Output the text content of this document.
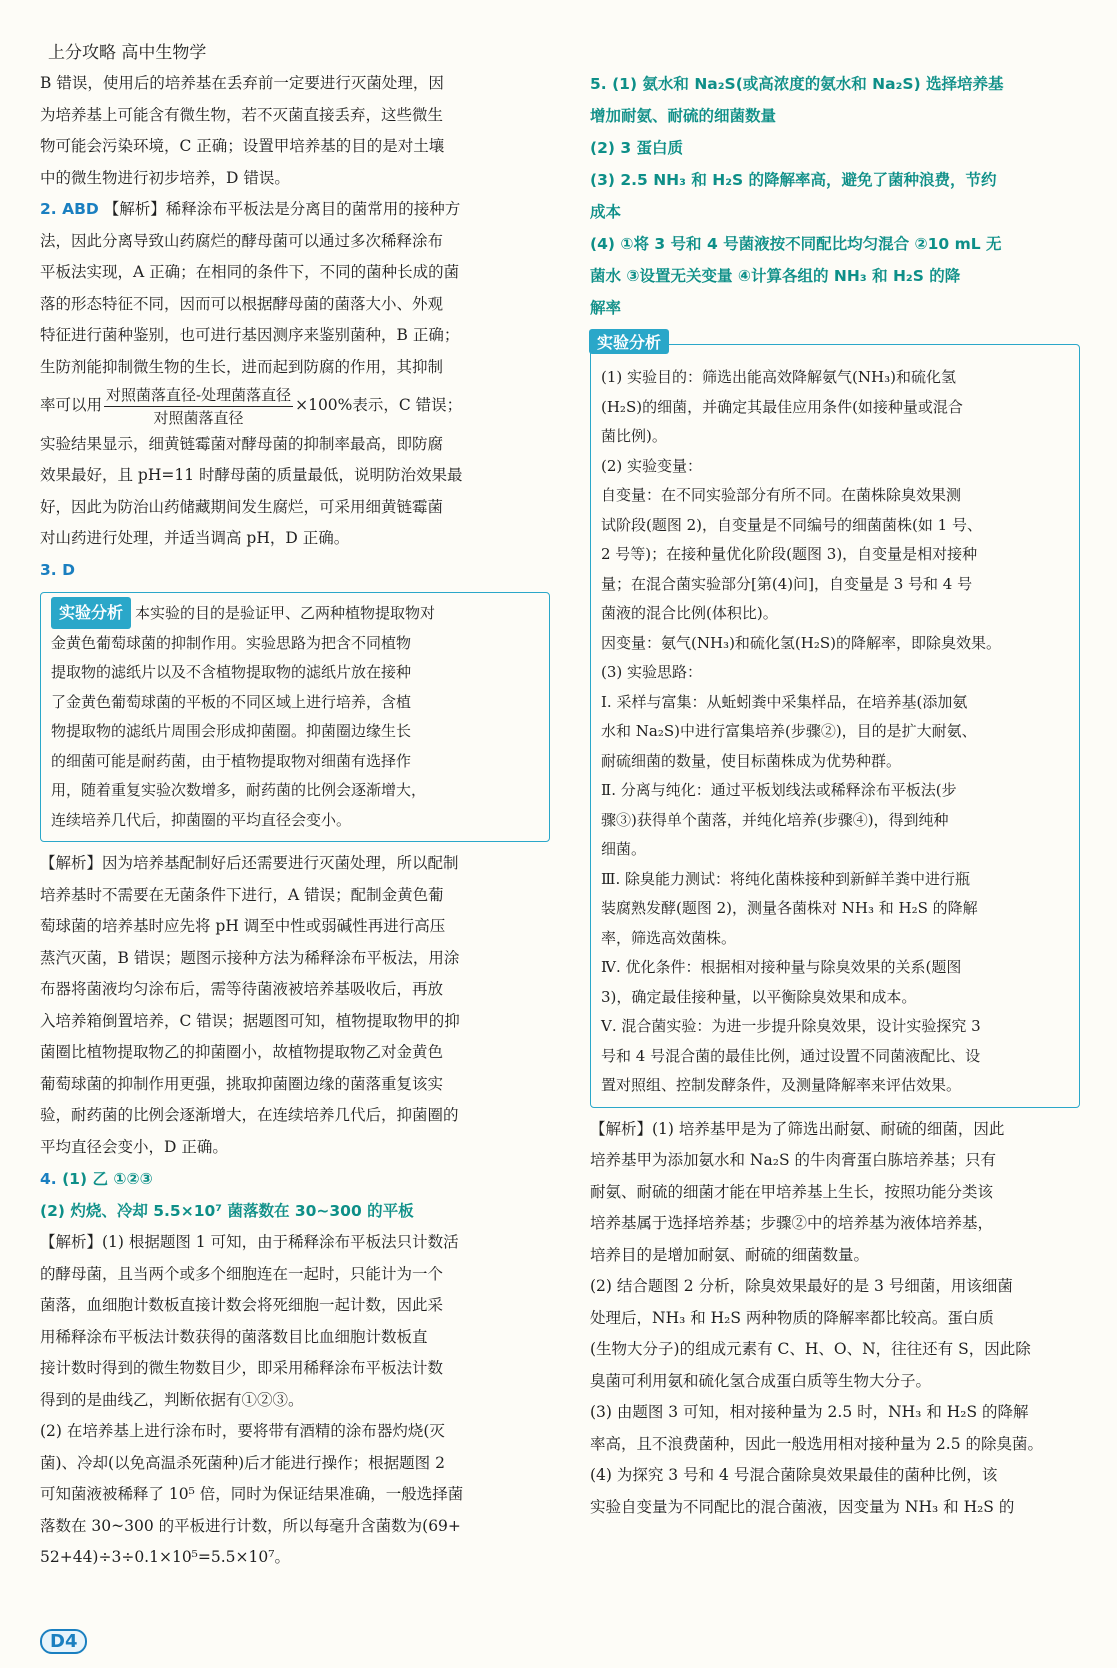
上分攻略 高中生物学

B 错误，使用后的培养基在丢弃前一定要进行灭菌处理，因

为培养基上可能含有微生物，若不灭菌直接丢弃，这些微生

物可能会污染环境，C 正确；设置甲培养基的目的是对土壤

中的微生物进行初步培养，D 错误。

2. ABD 【解析】稀释涂布平板法是分离目的菌常用的接种方

法，因此分离导致山药腐烂的酵母菌可以通过多次稀释涂布

平板法实现，A 正确；在相同的条件下，不同的菌种长成的菌

落的形态特征不同，因而可以根据酵母菌的菌落大小、外观

特征进行菌种鉴别，也可进行基因测序来鉴别菌种，B 正确；

生防剂能抑制微生物的生长，进而起到防腐的作用，其抑制

率可以用 $\frac{\text{对照菌落直径-处理菌落直径}}{\text{对照菌落直径}} \times 100\%$表示，C 错误；

实验结果显示，细黄链霉菌对酵母菌的抑制率最高，即防腐

效果最好，且 pH=11 时酵母菌的质量最低，说明防治效果最

好，因此为防治山药储藏期间发生腐烂，可采用细黄链霉菌

对山药进行处理，并适当调高 pH，D 正确。

3. D

实验分析 本实验的目的是验证甲、乙两种植物提取物对

金黄色葡萄球菌的抑制作用。实验思路为把含不同植物

提取物的滤纸片以及不含植物提取物的滤纸片放在接种

了金黄色葡萄球菌的平板的不同区域上进行培养，含植

物提取物的滤纸片周围会形成抑菌圈。抑菌圈边缘生长

的细菌可能是耐药菌，由于植物提取物对细菌有选择作

用，随着重复实验次数增多，耐药菌的比例会逐渐增大，

连续培养几代后，抑菌圈的平均直径会变小。

【解析】因为培养基配制好后还需要进行灭菌处理，所以配制

培养基时不需要在无菌条件下进行，A 错误；配制金黄色葡

萄球菌的培养基时应先将 pH 调至中性或弱碱性再进行高压

蒸汽灭菌，B 错误；题图示接种方法为稀释涂布平板法，用涂

布器将菌液均匀涂布后，需等待菌液被培养基吸收后，再放

入培养箱倒置培养，C 错误；据题图可知，植物提取物甲的抑

菌圈比植物提取物乙的抑菌圈小，故植物提取物乙对金黄色

葡萄球菌的抑制作用更强，挑取抑菌圈边缘的菌落重复该实

验，耐药菌的比例会逐渐增大，在连续培养几代后，抑菌圈的

平均直径会变小，D 正确。

4. (1) 乙 ①②③

(2) 灼烧、冷却 5.5×10⁷ 菌落数在 30~300 的平板

【解析】(1) 根据题图 1 可知，由于稀释涂布平板法只计数活

的酵母菌，且当两个或多个细胞连在一起时，只能计为一个

菌落，血细胞计数板直接计数会将死细胞一起计数，因此采

用稀释涂布平板法计数获得的菌落数目比血细胞计数板直

接计数时得到的微生物数目少，即采用稀释涂布平板法计数

得到的是曲线乙，判断依据有①②③。

(2) 在培养基上进行涂布时，要将带有酒精的涂布器灼烧(灭

菌)、冷却(以免高温杀死菌种)后才能进行操作；根据题图 2

可知菌液被稀释了 10⁵ 倍，同时为保证结果准确，一般选择菌

落数在 30~300 的平板进行计数，所以每毫升含菌数为(69+

52+44)÷3÷0.1×10⁵=5.5×10⁷。

5. (1) 氨水和 Na₂S(或高浓度的氨水和 Na₂S) 选择培养基

增加耐氨、耐硫的细菌数量

(2) 3 蛋白质

(3) 2.5 NH₃ 和 H₂S 的降解率高，避免了菌种浪费，节约

成本

(4) ①将 3 号和 4 号菌液按不同配比均匀混合 ②10 mL 无

菌水 ③设置无关变量 ④计算各组的 NH₃ 和 H₂S 的降

解率

实验分析

(1) 实验目的：筛选出能高效降解氨气(NH₃)和硫化氢

(H₂S)的细菌，并确定其最佳应用条件(如接种量或混合

菌比例)。

(2) 实验变量：

自变量：在不同实验部分有所不同。在菌株除臭效果测

试阶段(题图 2)，自变量是不同编号的细菌菌株(如 1 号、

2 号等)；在接种量优化阶段(题图 3)，自变量是相对接种

量；在混合菌实验部分[第(4)问]，自变量是 3 号和 4 号

菌液的混合比例(体积比)。

因变量：氨气(NH₃)和硫化氢(H₂S)的降解率，即除臭效果。

(3) 实验思路：

Ⅰ. 采样与富集：从蚯蚓粪中采集样品，在培养基(添加氨

水和 Na₂S)中进行富集培养(步骤②)，目的是扩大耐氨、

耐硫细菌的数量，使目标菌株成为优势种群。

Ⅱ. 分离与纯化：通过平板划线法或稀释涂布平板法(步

骤③)获得单个菌落，并纯化培养(步骤④)，得到纯种

细菌。

Ⅲ. 除臭能力测试：将纯化菌株接种到新鲜羊粪中进行瓶

装腐熟发酵(题图 2)，测量各菌株对 NH₃ 和 H₂S 的降解

率，筛选高效菌株。

Ⅳ. 优化条件：根据相对接种量与除臭效果的关系(题图

3)，确定最佳接种量，以平衡除臭效果和成本。

Ⅴ. 混合菌实验：为进一步提升除臭效果，设计实验探究 3

号和 4 号混合菌的最佳比例，通过设置不同菌液配比、设

置对照组、控制发酵条件，及测量降解率来评估效果。

【解析】(1) 培养基甲是为了筛选出耐氨、耐硫的细菌，因此

培养基甲为添加氨水和 Na₂S 的牛肉膏蛋白胨培养基；只有

耐氨、耐硫的细菌才能在甲培养基上生长，按照功能分类该

培养基属于选择培养基；步骤②中的培养基为液体培养基，

培养目的是增加耐氨、耐硫的细菌数量。

(2) 结合题图 2 分析，除臭效果最好的是 3 号细菌，用该细菌

处理后，NH₃ 和 H₂S 两种物质的降解率都比较高。蛋白质

(生物大分子)的组成元素有 C、H、O、N，往往还有 S，因此除

臭菌可利用氨和硫化氢合成蛋白质等生物大分子。

(3) 由题图 3 可知，相对接种量为 2.5 时，NH₃ 和 H₂S 的降解

率高，且不浪费菌种，因此一般选用相对接种量为 2.5 的除臭菌。

(4) 为探究 3 号和 4 号混合菌除臭效果最佳的菌种比例，该

实验自变量为不同配比的混合菌液，因变量为 NH₃ 和 H₂S 的

D4
